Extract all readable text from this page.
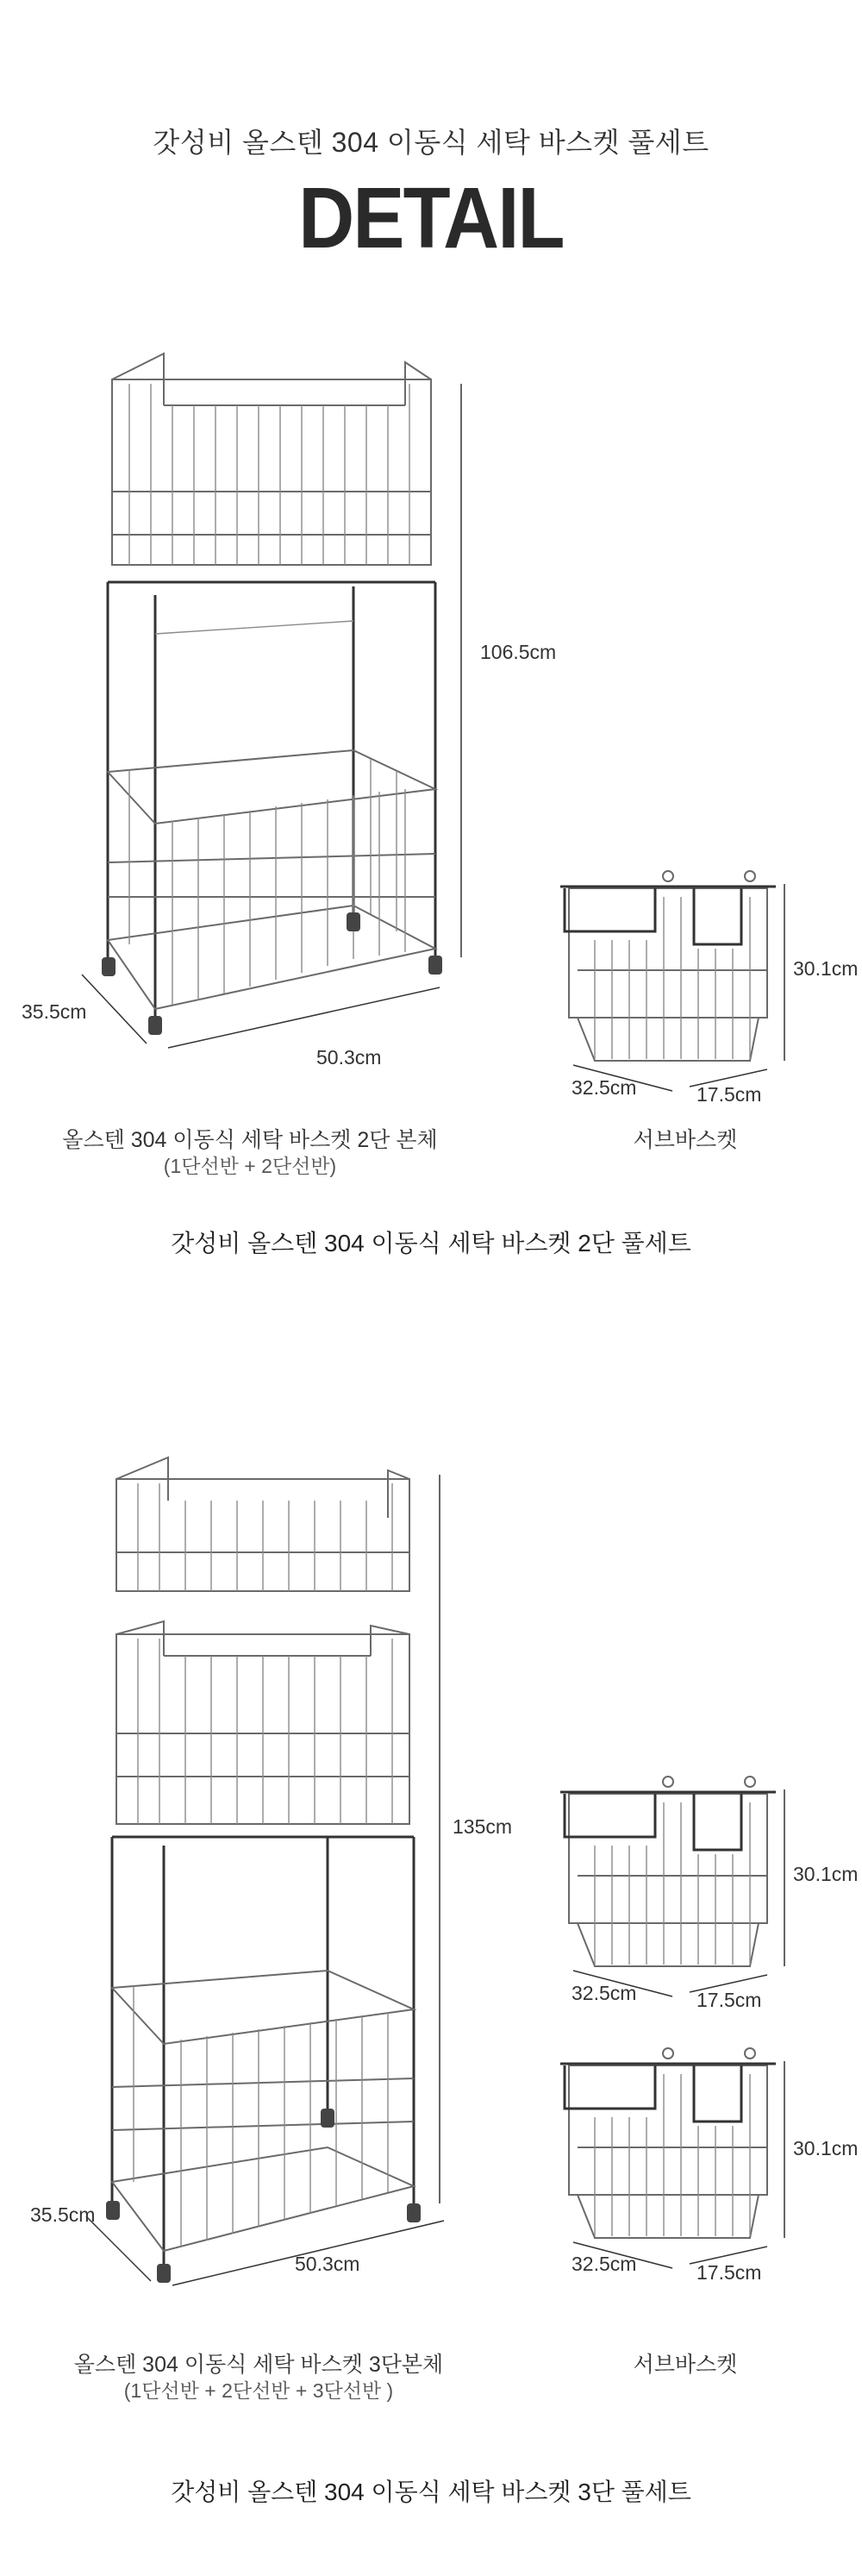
갓성비 올스텐 304 이동식 세탁 바스켓 풀세트
DETAIL
106.5cm
35.5cm
50.3cm
30.1cm
32.5cm	17.5cm
올스텐 304 이동식 세탁 바스켓 2단 본체
(1단선반 + 2단선반)
서브바스켓
갓성비 올스텐 304 이동식 세탁 바스켓 2단 풀세트
135cm
35.5cm
50.3cm
30.1cm
32.5cm	17.5cm
30.1cm
32.5cm	17.5cm
올스텐 304 이동식 세탁 바스켓 3단본체
(1단선반 + 2단선반 + 3단선반 )
서브바스켓
갓성비 올스텐 304 이동식 세탁 바스켓 3단 풀세트
